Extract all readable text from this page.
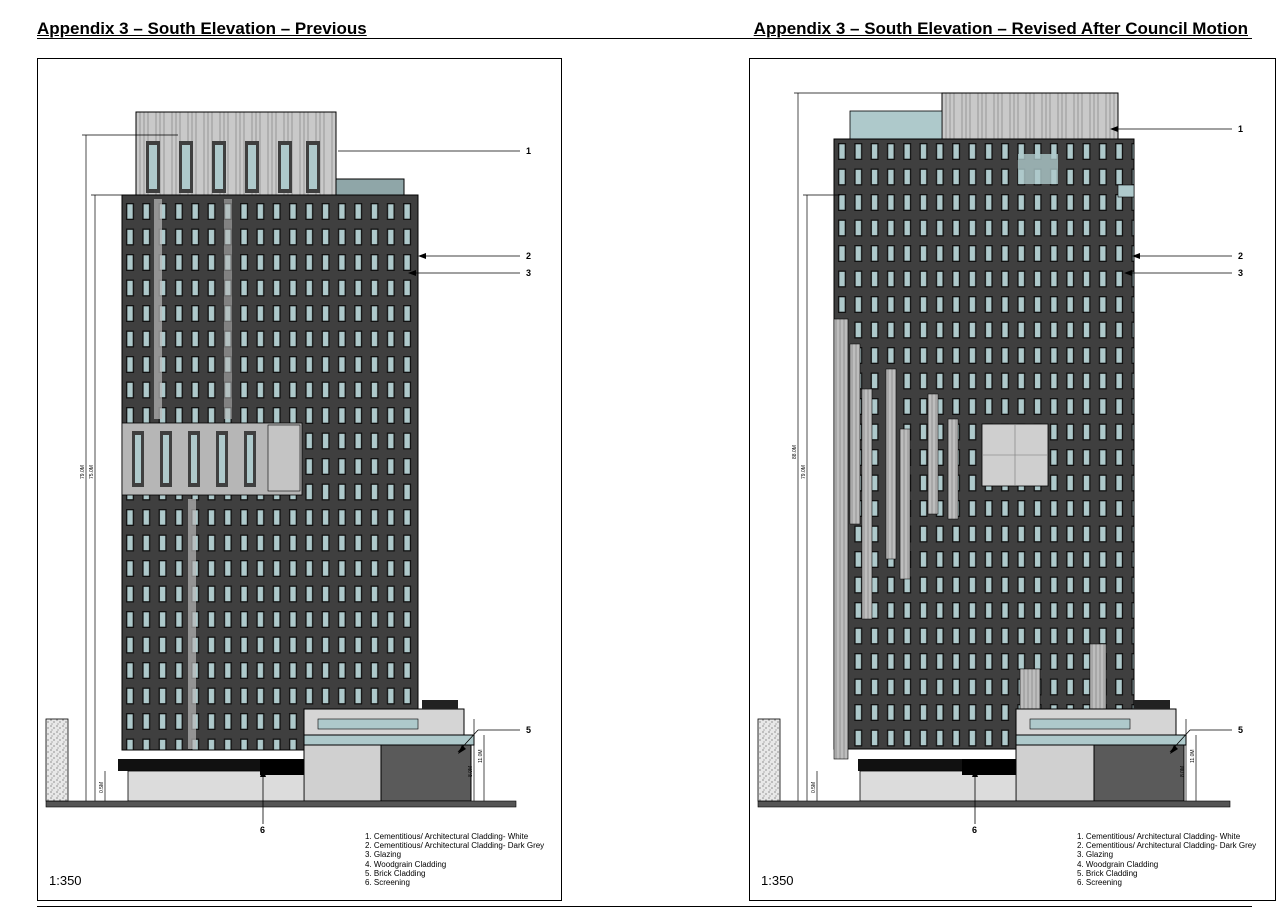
Appendix 3 – South Elevation – Previous	Appendix 3 – South Elevation – Revised After Council Motion
79.0M 75.0M
0.5M
8.0M
11.0M
1
2
3
5
6
1. Cementitious/ Architectural Cladding- White
2. Cementitious/ Architectural Cladding- Dark Grey
3. Glazing
4. Woodgrain Cladding
5. Brick Cladding
6. Screening
1:350
88.0M
79.0M
0.5M
8.0M
11.0M
1
2
3
5
6
1. Cementitious/ Architectural Cladding- White
2. Cementitious/ Architectural Cladding- Dark Grey
3. Glazing
4. Woodgrain Cladding
5. Brick Cladding
6. Screening
1:350
